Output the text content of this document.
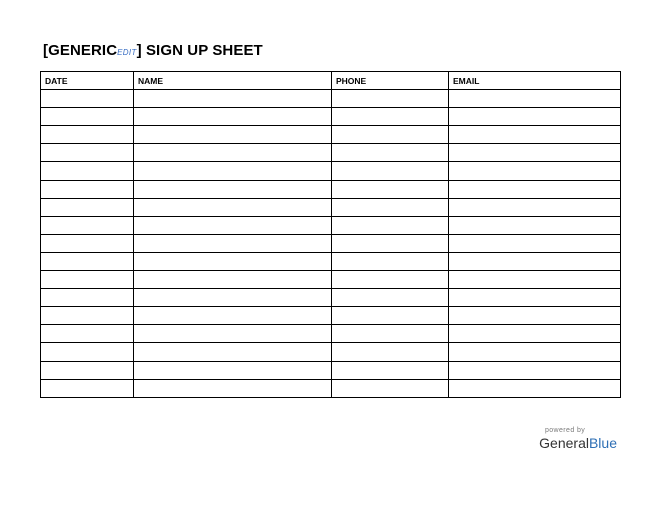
[GENERICEDIT] SIGN UP SHEET
DATE	NAME	PHONE	EMAIL

powered by
GeneralBlue
